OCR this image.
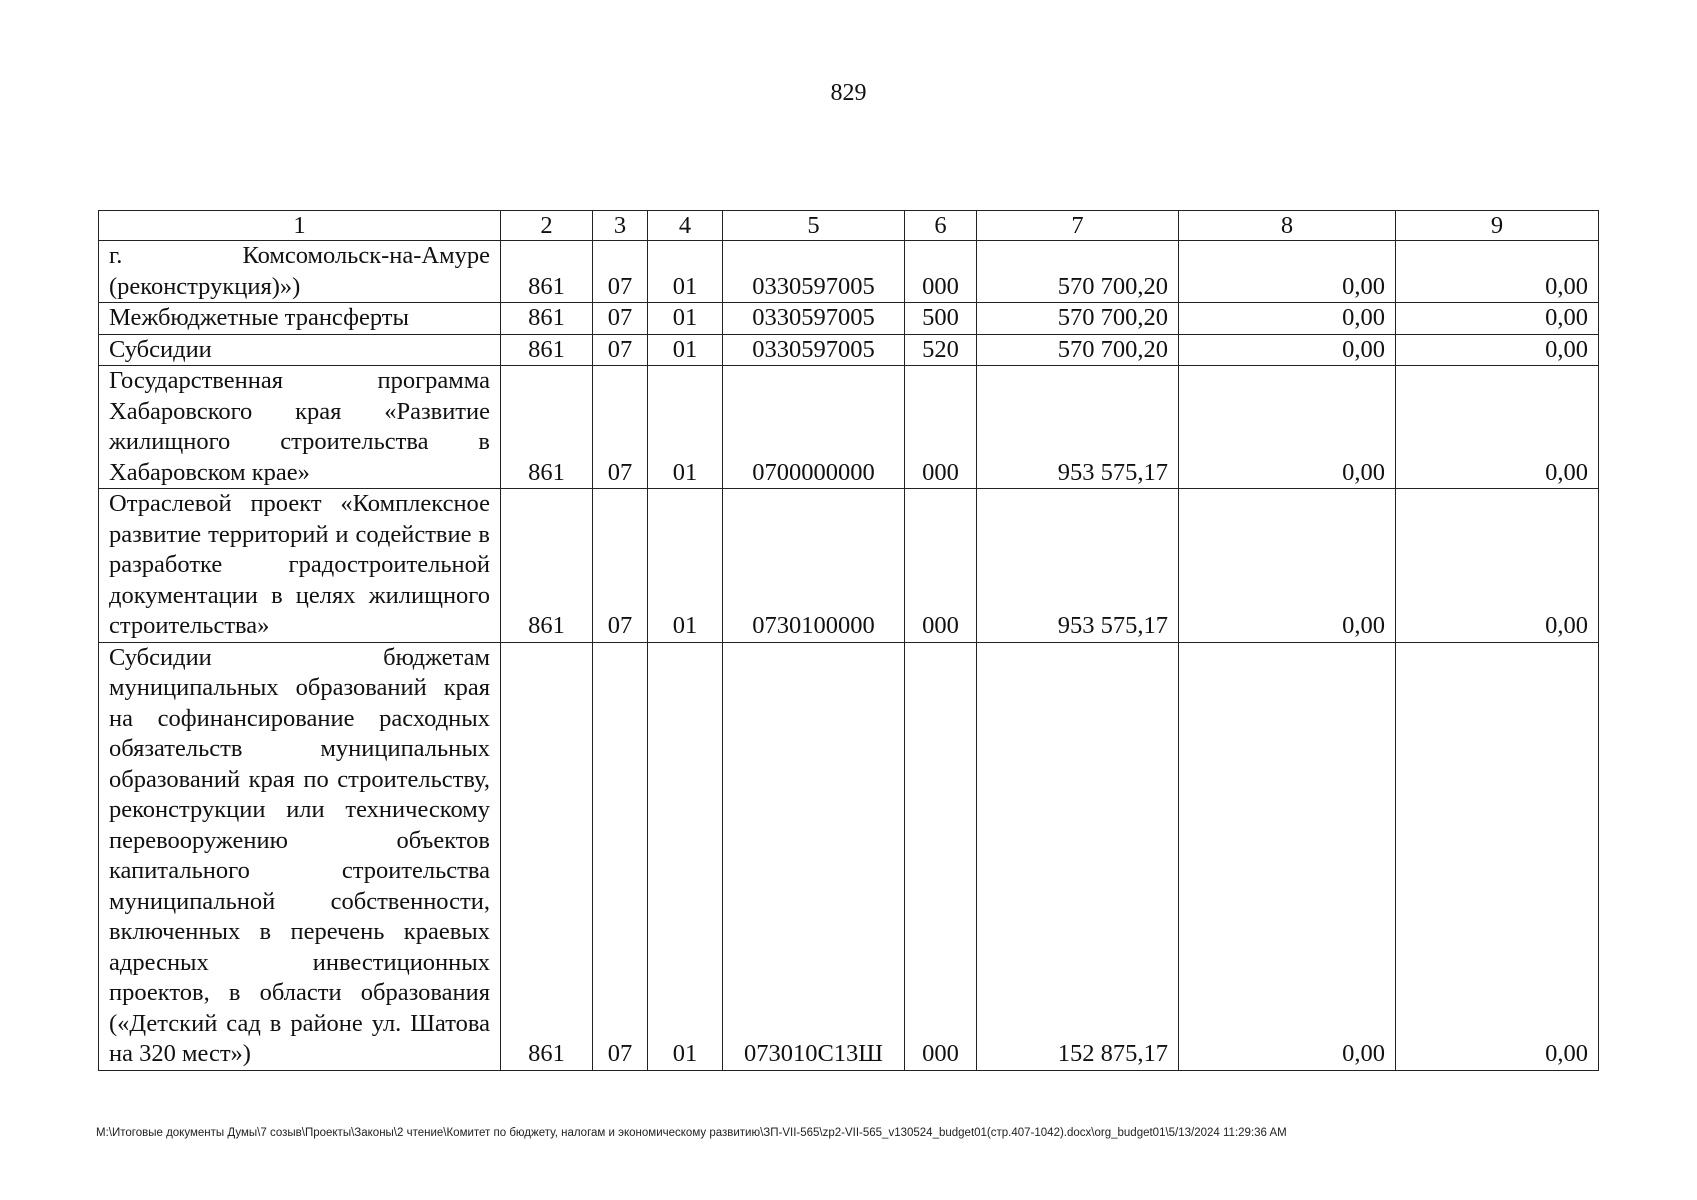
829
1	2	3	4	5	6	7	8	9
г. Комсомольск-на-Амуре (реконструкция)»)	861	07	01	0330597005	000	570 700,20	0,00	0,00
Межбюджетные трансферты	861	07	01	0330597005	500	570 700,20	0,00	0,00
Субсидии	861	07	01	0330597005	520	570 700,20	0,00	0,00
Государственная программа Хабаровского края «Развитие жилищного строительства в Хабаровском крае»	861	07	01	0700000000	000	953 575,17	0,00	0,00
Отраслевой проект «Комплексное развитие территорий и содействие в разработке градостроительной документации в целях жилищного строительства»	861	07	01	0730100000	000	953 575,17	0,00	0,00
Субсидии бюджетам муниципальных образований края на софинансирование расходных обязательств муниципальных образований края по строительству, реконструкции или техническому перевооружению объектов капитального строительства муниципальной собственности, включенных в перечень краевых адресных инвестиционных проектов, в области образования («Детский сад в районе ул. Шатова на 320 мест»)	861	07	01	073010С13Ш	000	152 875,17	0,00	0,00
M:\Итоговые документы Думы\7 созыв\Проекты\Законы\2 чтение\Комитет по бюджету, налогам и экономическому развитию\ЗП-VII-565\zp2-VII-565_v130524_budget01(стр.407-1042).docx\org_budget01\5/13/2024 11:29:36 AM
